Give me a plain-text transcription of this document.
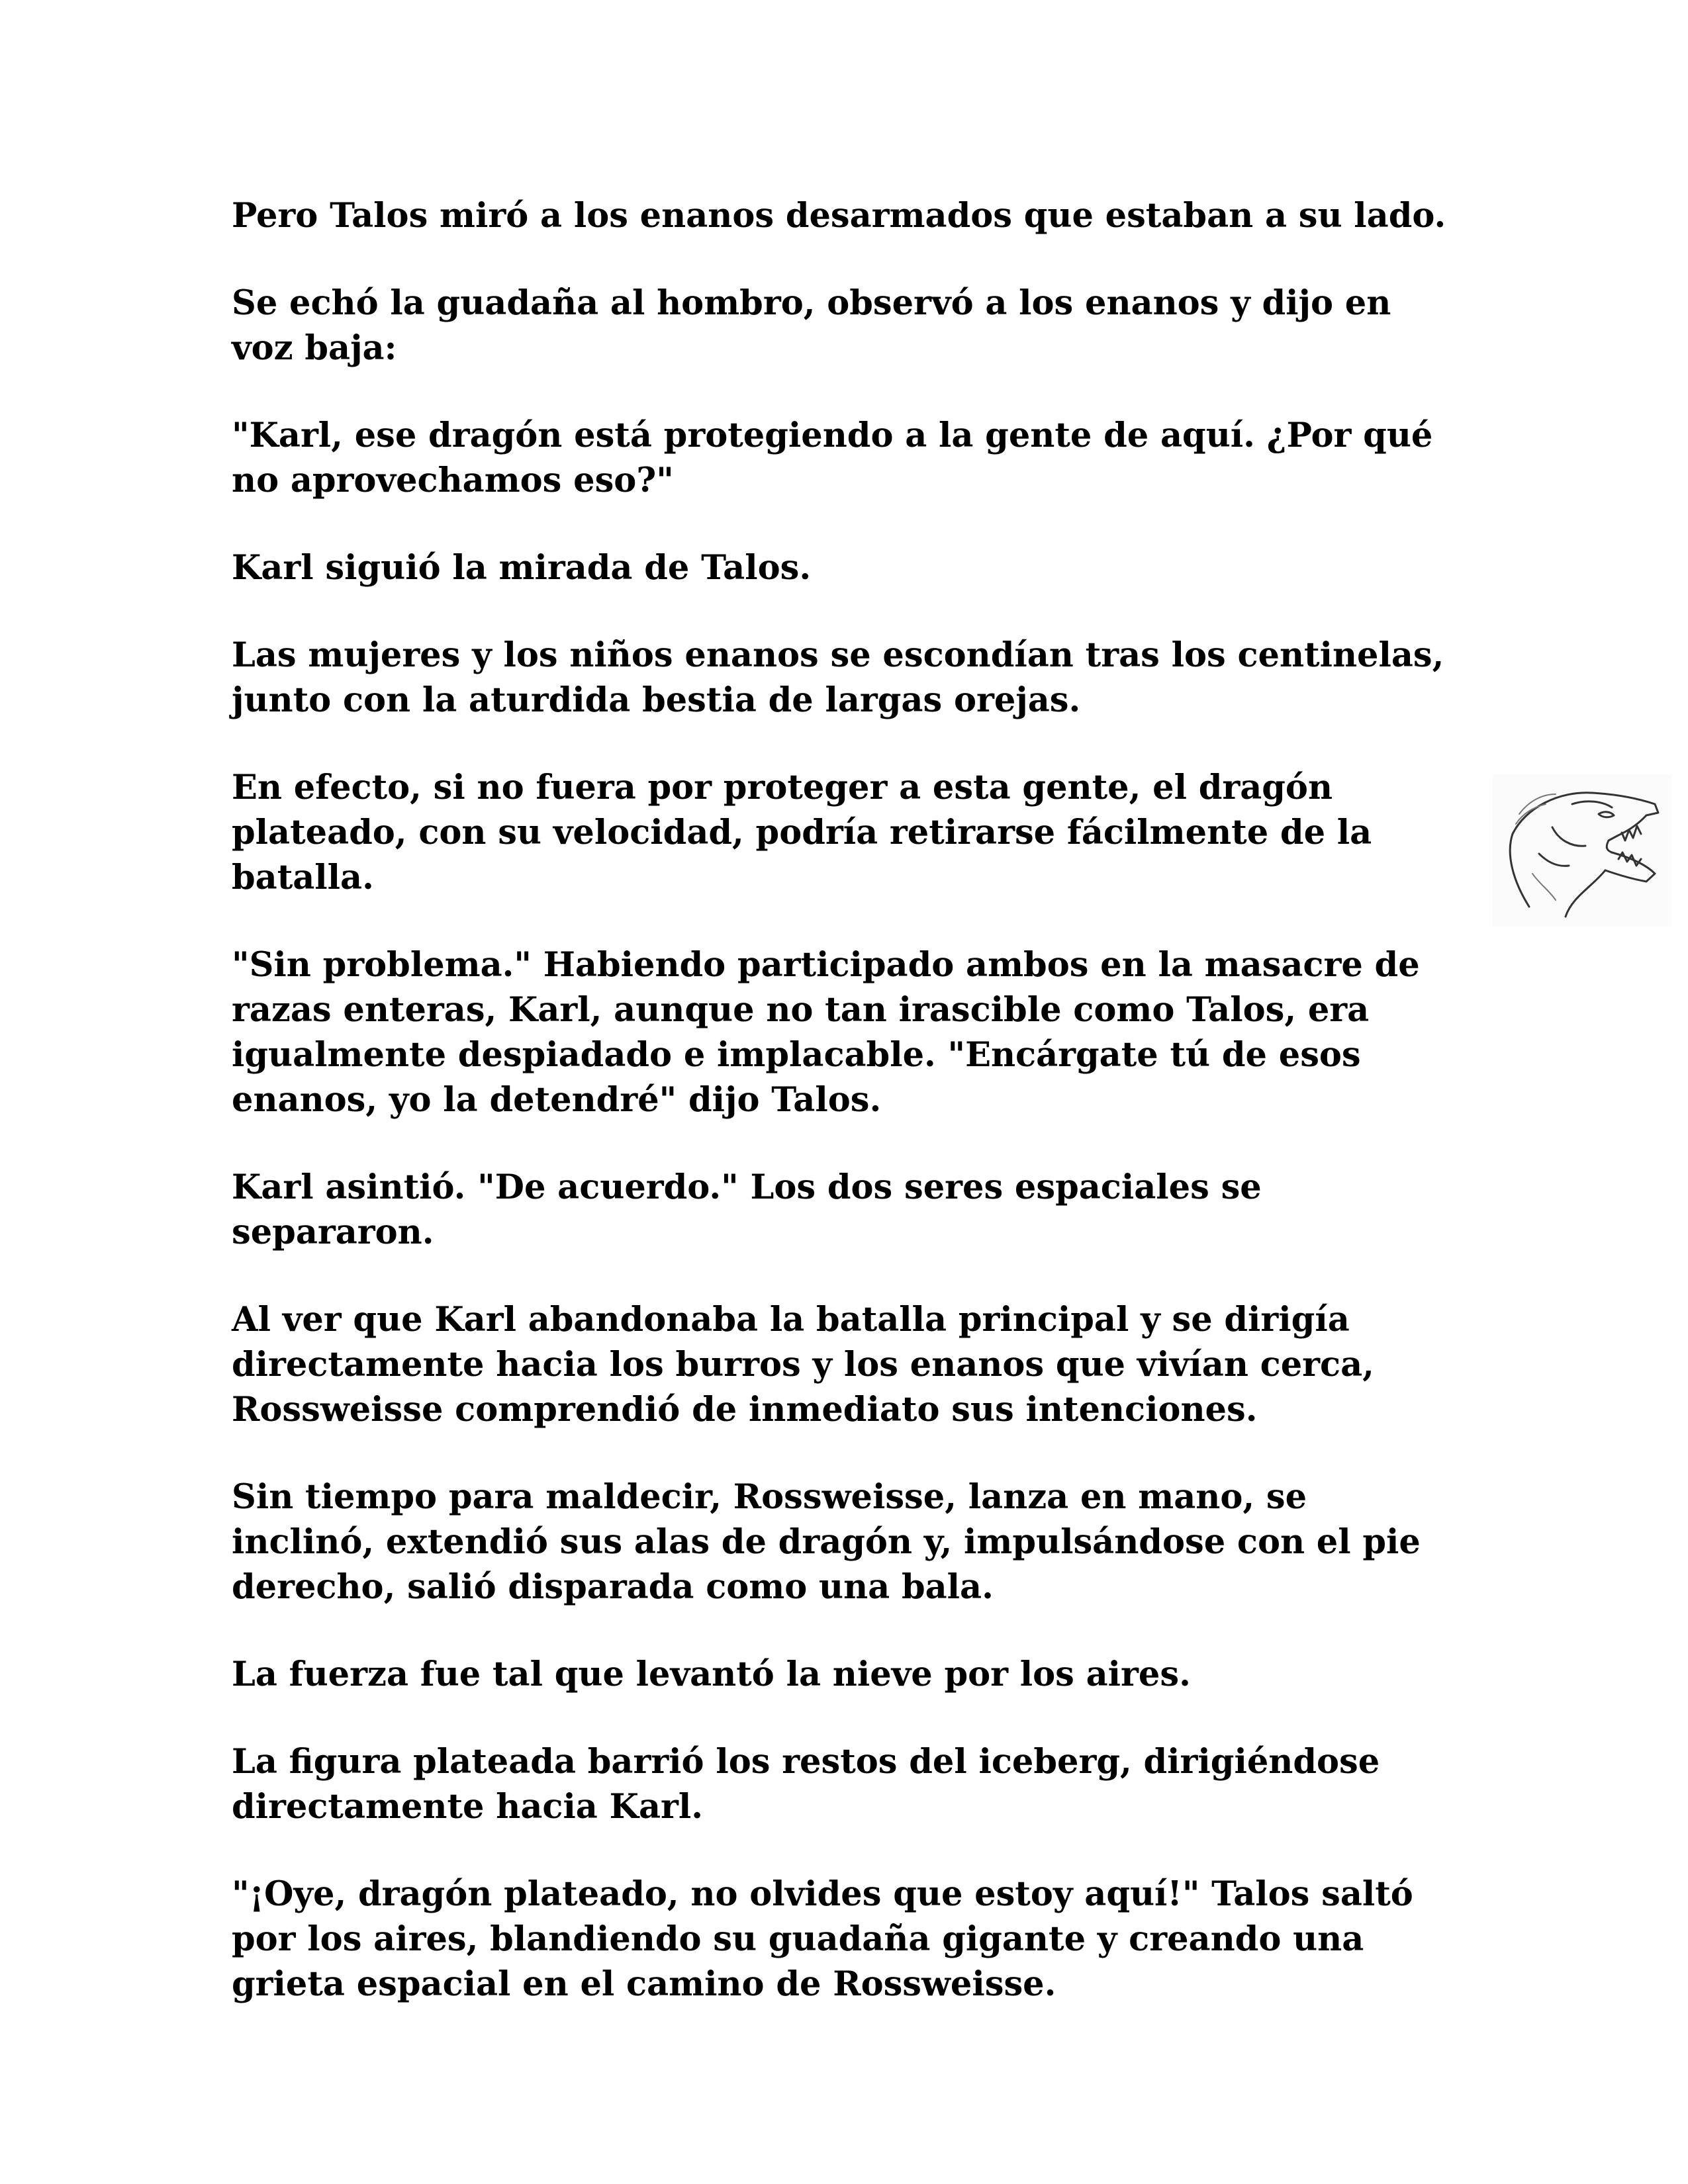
Pero Talos miró a los enanos desarmados que estaban a su lado.

Se echó la guadaña al hombro, observó a los enanos y dijo en voz baja:

"Karl, ese dragón está protegiendo a la gente de aquí. ¿Por qué no aprovechamos eso?"

Karl siguió la mirada de Talos.

Las mujeres y los niños enanos se escondían tras los centinelas, junto con la aturdida bestia de largas orejas.

En efecto, si no fuera por proteger a esta gente, el dragón plateado, con su velocidad, podría retirarse fácilmente de la batalla.

"Sin problema." Habiendo participado ambos en la masacre de razas enteras, Karl, aunque no tan irascible como Talos, era igualmente despiadado e implacable. "Encárgate tú de esos enanos, yo la detendré" dijo Talos.

Karl asintió. "De acuerdo." Los dos seres espaciales se separaron.

Al ver que Karl abandonaba la batalla principal y se dirigía directamente hacia los burros y los enanos que vivían cerca, Rossweisse comprendió de inmediato sus intenciones.

Sin tiempo para maldecir, Rossweisse, lanza en mano, se inclinó, extendió sus alas de dragón y, impulsándose con el pie derecho, salió disparada como una bala.

La fuerza fue tal que levantó la nieve por los aires.

La figura plateada barrió los restos del iceberg, dirigiéndose directamente hacia Karl.

"¡Oye, dragón plateado, no olvides que estoy aquí!" Talos saltó por los aires, blandiendo su guadaña gigante y creando una grieta espacial en el camino de Rossweisse.
